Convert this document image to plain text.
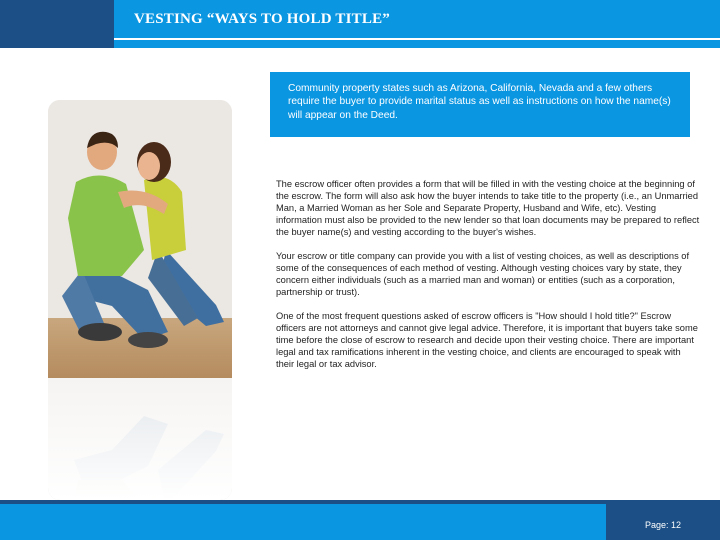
VESTING “WAYS TO HOLD TITLE”
Community property states such as Arizona, California, Nevada and a few others require the buyer to provide marital status as well as instructions on how the name(s) will appear on the Deed.

The escrow officer often provides a form that will be filled in with the vesting choice at the beginning of the escrow. The form will also ask how the buyer intends to take title to the property (i.e., an Unmarried Man, a Married Woman as her Sole and Separate Property, Husband and Wife, etc). Vesting information must also be provided to the new lender so that loan documents may be prepared to reflect the buyer name(s) and vesting according to the buyer's wishes.

Your escrow or title company can provide you with a list of vesting choices, as well as descriptions of some of the consequences of each method of vesting. Although vesting choices vary by state, they concern either individuals (such as a married man and woman) or entities (such as a corporation, partnership or trust).

One of the most frequent questions asked of escrow officers is "How should I hold title?" Escrow officers are not attorneys and cannot give legal advice. Therefore, it is important that buyers take some time before the close of escrow to research and decide upon their vesting choice. There are important legal and tax ramifications inherent in the vesting choice, and clients are encouraged to speak with their legal or tax advisor.

Page: 12
